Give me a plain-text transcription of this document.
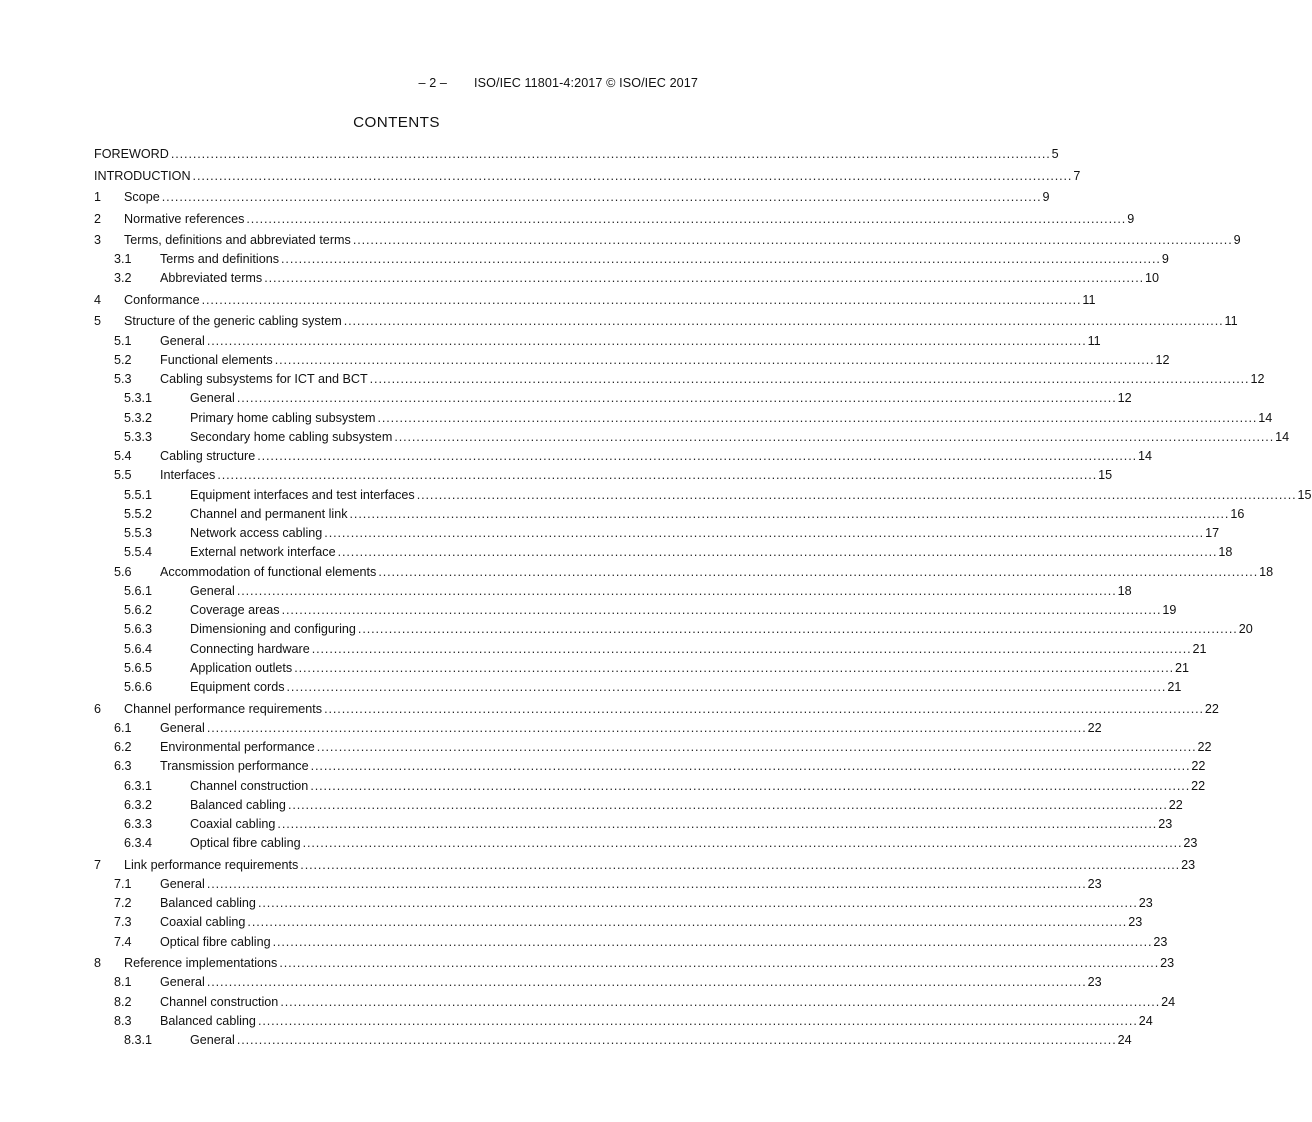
– 2 – ISO/IEC 11801-4:2017 © ISO/IEC 2017
CONTENTS
FOREWORD ........................................................................................................................................................................................................ 5
INTRODUCTION ........................................................................................................................................................................................................ 7
1	Scope ........................................................................................................................................................................................................ 9
2	Normative references ........................................................................................................................................................................................................ 9
3	Terms, definitions and abbreviated terms ........................................................................................................................................................................................................ 9
3.1	Terms and definitions ........................................................................................................................................................................................................ 9
3.2	Abbreviated terms ........................................................................................................................................................................................................ 10
4	Conformance ........................................................................................................................................................................................................ 11
5	Structure of the generic cabling system ........................................................................................................................................................................................................ 11
5.1	General ........................................................................................................................................................................................................ 11
5.2	Functional elements ........................................................................................................................................................................................................ 12
5.3	Cabling subsystems for ICT and BCT ........................................................................................................................................................................................................ 12
5.3.1	General ........................................................................................................................................................................................................ 12
5.3.2	Primary home cabling subsystem ........................................................................................................................................................................................................ 14
5.3.3	Secondary home cabling subsystem ........................................................................................................................................................................................................ 14
5.4	Cabling structure ........................................................................................................................................................................................................ 14
5.5	Interfaces ........................................................................................................................................................................................................ 15
5.5.1	Equipment interfaces and test interfaces ........................................................................................................................................................................................................ 15
5.5.2	Channel and permanent link ........................................................................................................................................................................................................ 16
5.5.3	Network access cabling ........................................................................................................................................................................................................ 17
5.5.4	External network interface ........................................................................................................................................................................................................ 18
5.6	Accommodation of functional elements ........................................................................................................................................................................................................ 18
5.6.1	General ........................................................................................................................................................................................................ 18
5.6.2	Coverage areas ........................................................................................................................................................................................................ 19
5.6.3	Dimensioning and configuring ........................................................................................................................................................................................................ 20
5.6.4	Connecting hardware ........................................................................................................................................................................................................ 21
5.6.5	Application outlets ........................................................................................................................................................................................................ 21
5.6.6	Equipment cords ........................................................................................................................................................................................................ 21
6	Channel performance requirements ........................................................................................................................................................................................................ 22
6.1	General ........................................................................................................................................................................................................ 22
6.2	Environmental performance ........................................................................................................................................................................................................ 22
6.3	Transmission performance ........................................................................................................................................................................................................ 22
6.3.1	Channel construction ........................................................................................................................................................................................................ 22
6.3.2	Balanced cabling ........................................................................................................................................................................................................ 22
6.3.3	Coaxial cabling ........................................................................................................................................................................................................ 23
6.3.4	Optical fibre cabling ........................................................................................................................................................................................................ 23
7	Link performance requirements ........................................................................................................................................................................................................ 23
7.1	General ........................................................................................................................................................................................................ 23
7.2	Balanced cabling ........................................................................................................................................................................................................ 23
7.3	Coaxial cabling ........................................................................................................................................................................................................ 23
7.4	Optical fibre cabling ........................................................................................................................................................................................................ 23
8	Reference implementations ........................................................................................................................................................................................................ 23
8.1	General ........................................................................................................................................................................................................ 23
8.2	Channel construction ........................................................................................................................................................................................................ 24
8.3	Balanced cabling ........................................................................................................................................................................................................ 24
8.3.1	General ........................................................................................................................................................................................................ 24
